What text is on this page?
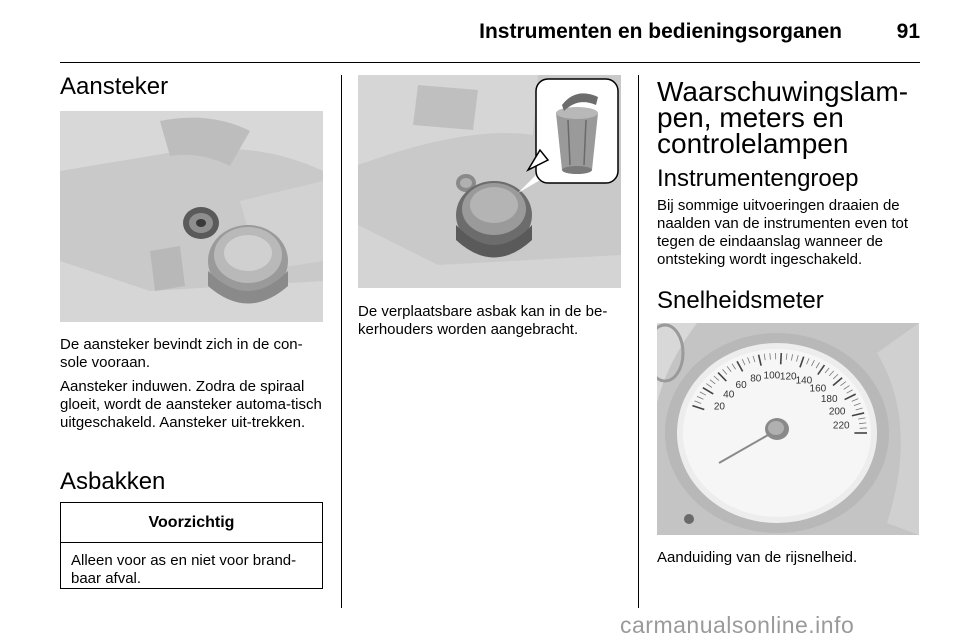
Instrumenten en bedieningsorganen	91
Aansteker

De aansteker bevindt zich in de con-sole vooraan.

Aansteker induwen. Zodra de spiraal gloeit, wordt de aansteker automa-tisch uitgeschakeld. Aansteker uit-trekken.

Asbakken
Voorzichtig
Alleen voor as en niet voor brand-baar afval.
De verplaatsbare asbak kan in de be-kerhouders worden aangebracht.
Waarschuwingslam-pen, meters en controlelampen
Instrumentengroep
Bij sommige uitvoeringen draaien de naalden van de instrumenten even tot tegen de eindaanslag wanneer de ontsteking wordt ingeschakeld.
Snelheidsmeter
20
40
60
80 100 120
140
160
180
200
220
Aanduiding van de rijsnelheid.
carmanualsonline.info
